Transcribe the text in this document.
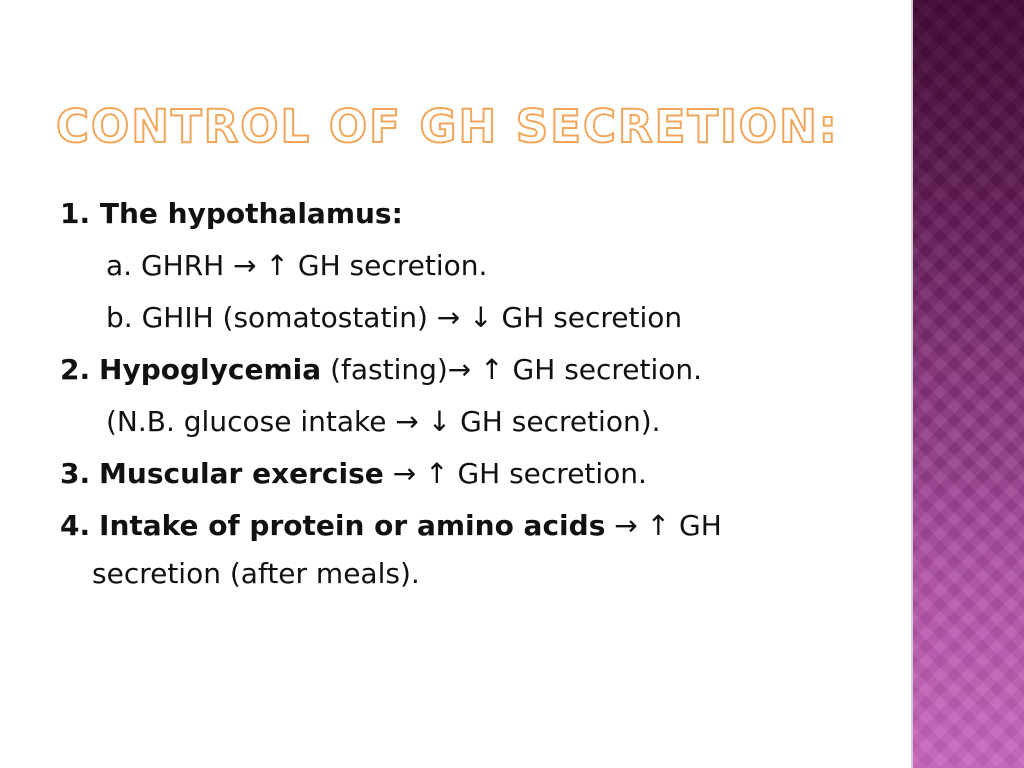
CONTROL OF GH SECRETION:
1. The hypothalamus:
a. GHRH → ↑ GH secretion.
b. GHIH (somatostatin) → ↓ GH secretion
2. Hypoglycemia (fasting)→ ↑ GH secretion.
(N.B. glucose intake → ↓ GH secretion).
3. Muscular exercise → ↑ GH secretion.
4. Intake of protein or amino acids → ↑ GH
secretion (after meals).
